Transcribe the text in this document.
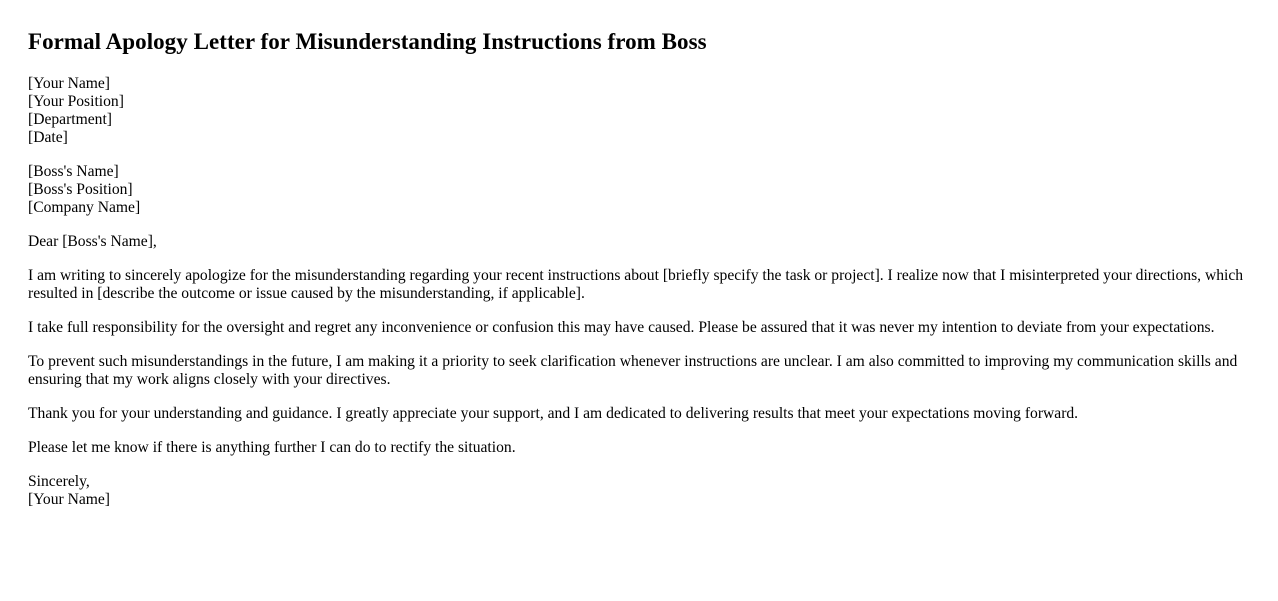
Formal Apology Letter for Misunderstanding Instructions from Boss
[Your Name]
[Your Position]
[Department]
[Date]
[Boss's Name]
[Boss's Position]
[Company Name]

Dear [Boss's Name],

I am writing to sincerely apologize for the misunderstanding regarding your recent instructions about [briefly specify the task or project]. I realize now that I misinterpreted your directions, which resulted in [describe the outcome or issue caused by the misunderstanding, if applicable].

I take full responsibility for the oversight and regret any inconvenience or confusion this may have caused. Please be assured that it was never my intention to deviate from your expectations.

To prevent such misunderstandings in the future, I am making it a priority to seek clarification whenever instructions are unclear. I am also committed to improving my communication skills and ensuring that my work aligns closely with your directives.

Thank you for your understanding and guidance. I greatly appreciate your support, and I am dedicated to delivering results that meet your expectations moving forward.

Please let me know if there is anything further I can do to rectify the situation.

Sincerely,
[Your Name]
